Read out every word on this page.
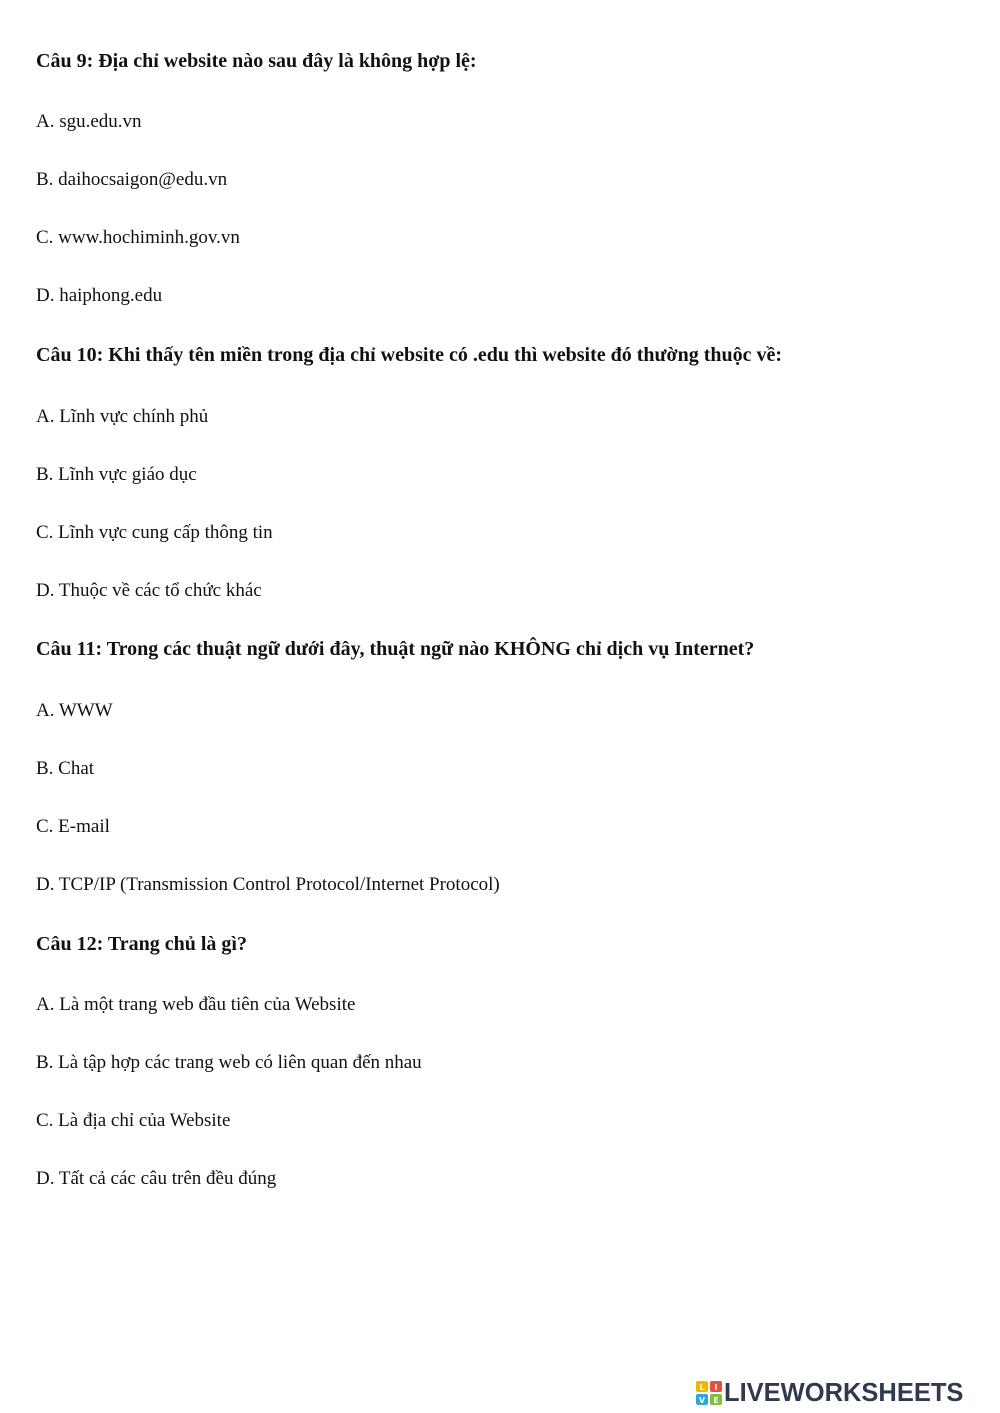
Câu 9: Địa chỉ website nào sau đây là không hợp lệ:

A. sgu.edu.vn

B. daihocsaigon@edu.vn

C. www.hochiminh.gov.vn

D. haiphong.edu

Câu 10: Khi thấy tên miền trong địa chỉ website có .edu thì website đó thường thuộc về:

A. Lĩnh vực chính phủ

B. Lĩnh vực giáo dục

C. Lĩnh vực cung cấp thông tin

D. Thuộc về các tổ chức khác

Câu 11: Trong các thuật ngữ dưới đây, thuật ngữ nào KHÔNG chỉ dịch vụ Internet?

A. WWW

B. Chat

C. E-mail

D. TCP/IP (Transmission Control Protocol/Internet Protocol)

Câu 12: Trang chủ là gì?

A. Là một trang web đầu tiên của Website

B. Là tập hợp các trang web có liên quan đến nhau

C. Là địa chỉ của Website

D. Tất cả các câu trên đều đúng

L I
V E LIVEWORKSHEETS
